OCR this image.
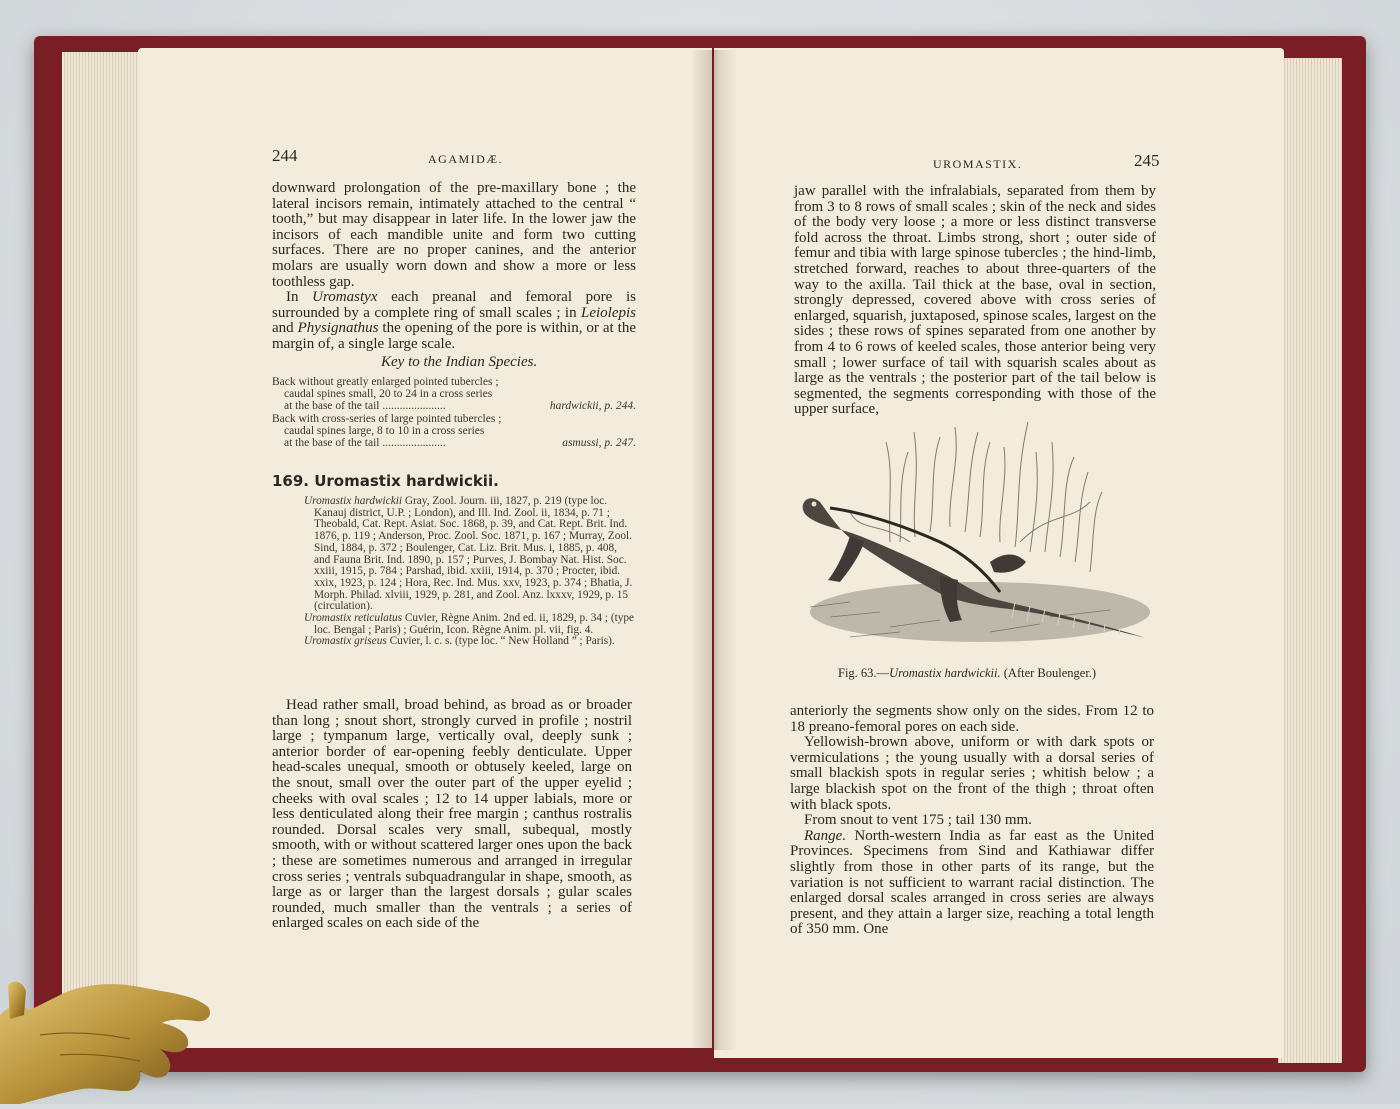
244	AGAMIDÆ.

downward prolongation of the pre-maxillary bone ; the lateral incisors remain, intimately attached to the central “ tooth,” but may disappear in later life. In the lower jaw the incisors of each mandible unite and form two cutting surfaces. There are no proper canines, and the anterior molars are usually worn down and show a more or less toothless gap.

In Uromastyx each preanal and femoral pore is surrounded by a complete ring of small scales ; in Leiolepis and Physignathus the opening of the pore is within, or at the margin of, a single large scale.

Key to the Indian Species.
Back without greatly enlarged pointed tubercles ;
caudal spines small, 20 to 24 in a cross series
at the base of the tail ......................	hardwickii, p. 244.
Back with cross-series of large pointed tubercles ;
caudal spines large, 8 to 10 in a cross series
at the base of the tail ......................	asmussi, p. 247.
169. Uromastix hardwickii.

Uromastix hardwickii Gray, Zool. Journ. iii, 1827, p. 219 (type loc. Kanauj district, U.P. ; London), and Ill. Ind. Zool. ii, 1834, p. 71 ; Theobald, Cat. Rept. Asiat. Soc. 1868, p. 39, and Cat. Rept. Brit. Ind. 1876, p. 119 ; Anderson, Proc. Zool. Soc. 1871, p. 167 ; Murray, Zool. Sind, 1884, p. 372 ; Boulenger, Cat. Liz. Brit. Mus. i, 1885, p. 408, and Fauna Brit. Ind. 1890, p. 157 ; Purves, J. Bombay Nat. Hist. Soc. xxiii, 1915, p. 784 ; Parshad, ibid. xxiii, 1914, p. 370 ; Procter, ibid. xxix, 1923, p. 124 ; Hora, Rec. Ind. Mus. xxv, 1923, p. 374 ; Bhatia, J. Morph. Philad. xlviii, 1929, p. 281, and Zool. Anz. lxxxv, 1929, p. 15 (circulation).

Uromastix reticulatus Cuvier, Règne Anim. 2nd ed. ii, 1829, p. 34 ; (type loc. Bengal ; Paris) ; Guérin, Icon. Règne Anim. pl. vii, fig. 4.

Uromastix griseus Cuvier, l. c. s. (type loc. “ New Holland ” ; Paris).

Head rather small, broad behind, as broad as or broader than long ; snout short, strongly curved in profile ; nostril large ; tympanum large, vertically oval, deeply sunk ; anterior border of ear-opening feebly denticulate. Upper head-scales unequal, smooth or obtusely keeled, large on the snout, small over the outer part of the upper eyelid ; cheeks with oval scales ; 12 to 14 upper labials, more or less denticulated along their free margin ; canthus rostralis rounded. Dorsal scales very small, subequal, mostly smooth, with or without scattered larger ones upon the back ; these are sometimes numerous and arranged in irregular cross series ; ventrals subquadrangular in shape, smooth, as large as or larger than the largest dorsals ; gular scales rounded, much smaller than the ventrals ; a series of enlarged scales on each side of the

UROMASTIX.	245

jaw parallel with the infralabials, separated from them by from 3 to 8 rows of small scales ; skin of the neck and sides of the body very loose ; a more or less distinct transverse fold across the throat. Limbs strong, short ; outer side of femur and tibia with large spinose tubercles ; the hind-limb, stretched forward, reaches to about three-quarters of the way to the axilla. Tail thick at the base, oval in section, strongly depressed, covered above with cross series of enlarged, squarish, juxtaposed, spinose scales, largest on the sides ; these rows of spines separated from one another by from 4 to 6 rows of keeled scales, those anterior being very small ; lower surface of tail with squarish scales about as large as the ventrals ; the posterior part of the tail below is segmented, the segments corresponding with those of the upper surface,

Fig. 63.—Uromastix hardwickii. (After Boulenger.)

anteriorly the segments show only on the sides. From 12 to 18 preano-femoral pores on each side.

Yellowish-brown above, uniform or with dark spots or vermiculations ; the young usually with a dorsal series of small blackish spots in regular series ; whitish below ; a large blackish spot on the front of the thigh ; throat often with black spots.

From snout to vent 175 ; tail 130 mm.

Range. North-western India as far east as the United Provinces. Specimens from Sind and Kathiawar differ slightly from those in other parts of its range, but the variation is not sufficient to warrant racial distinction. The enlarged dorsal scales arranged in cross series are always present, and they attain a larger size, reaching a total length of 350 mm. One
